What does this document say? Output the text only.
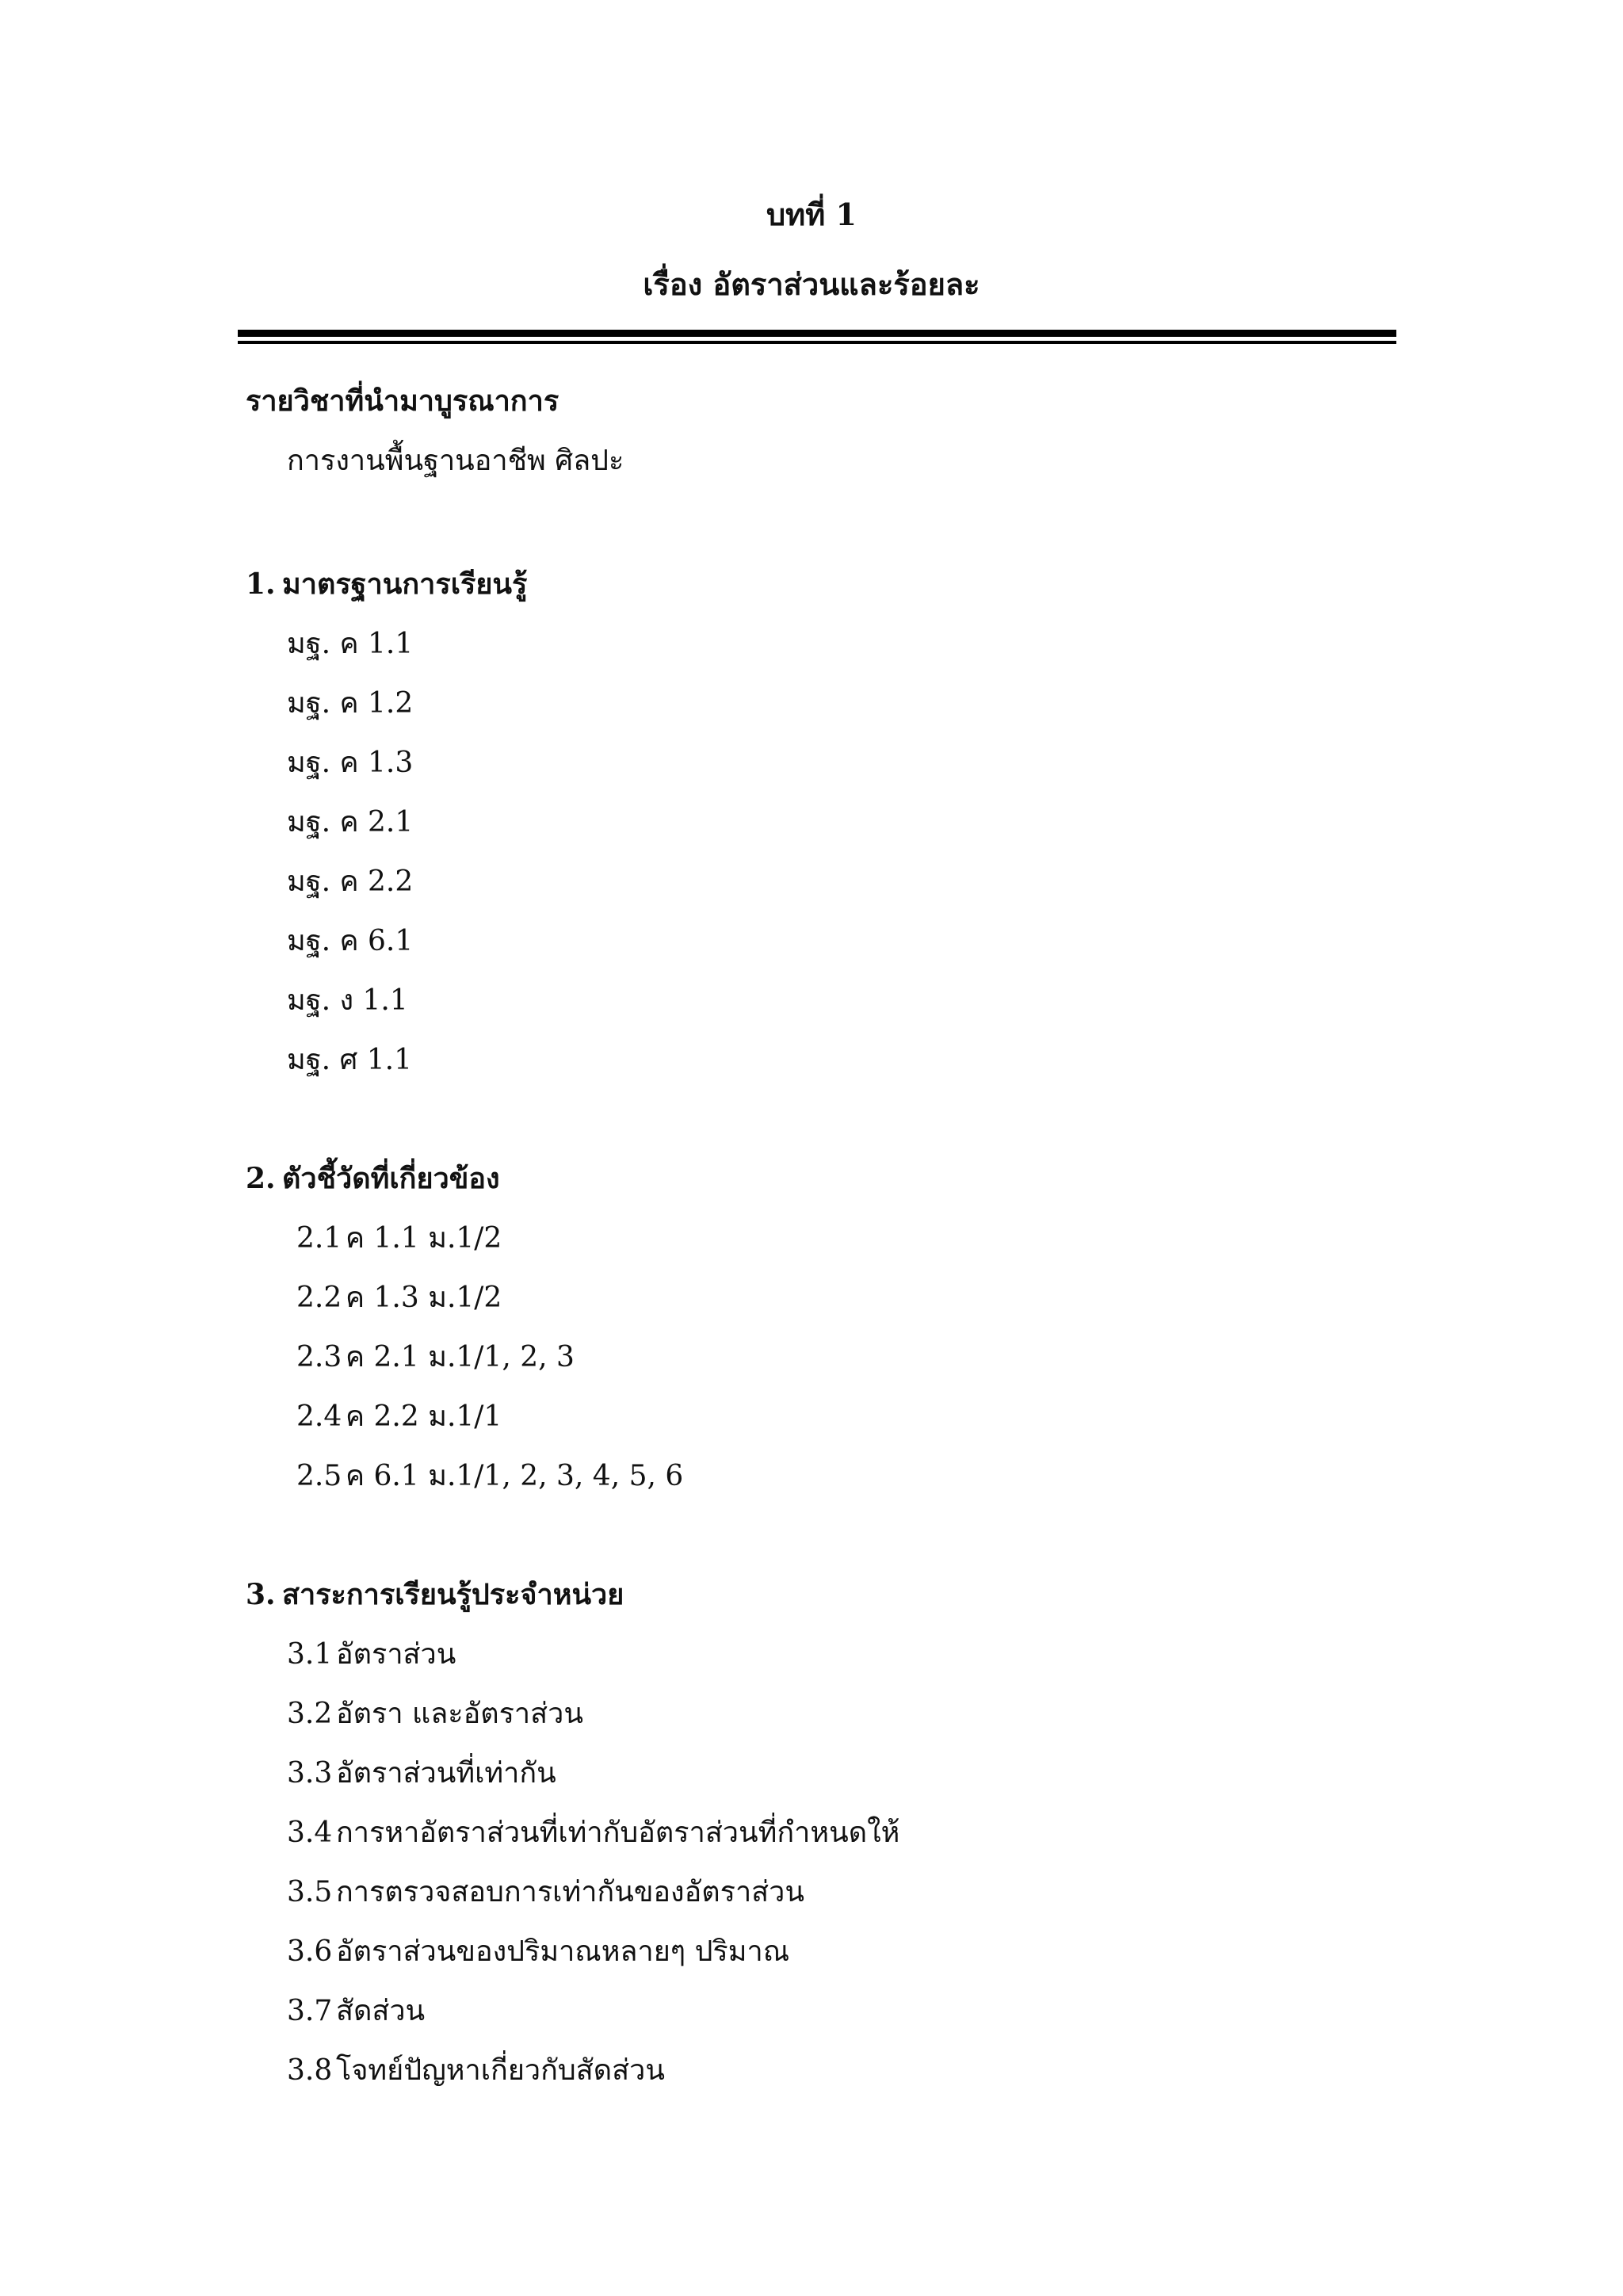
บทที่ 1
เรื่อง อัตราส่วนและร้อยละ
รายวิชาที่นำมาบูรณาการ
การงานพื้นฐานอาชีพ ศิลปะ
1. มาตรฐานการเรียนรู้
มฐ. ค 1.1
มฐ. ค 1.2
มฐ. ค 1.3
มฐ. ค 2.1
มฐ. ค 2.2
มฐ. ค 6.1
มฐ. ง 1.1
มฐ. ศ 1.1
2. ตัวชี้วัดที่เกี่ยวข้อง
2.1 ค 1.1 ม.1/2
2.2 ค 1.3 ม.1/2
2.3 ค 2.1 ม.1/1, 2, 3
2.4 ค 2.2 ม.1/1
2.5 ค 6.1 ม.1/1, 2, 3, 4, 5, 6
3. สาระการเรียนรู้ประจำหน่วย
3.1 อัตราส่วน
3.2 อัตรา และอัตราส่วน
3.3 อัตราส่วนที่เท่ากัน
3.4 การหาอัตราส่วนที่เท่ากับอัตราส่วนที่กำหนดให้
3.5 การตรวจสอบการเท่ากันของอัตราส่วน
3.6 อัตราส่วนของปริมาณหลายๆ ปริมาณ
3.7 สัดส่วน
3.8 โจทย์ปัญหาเกี่ยวกับสัดส่วน
